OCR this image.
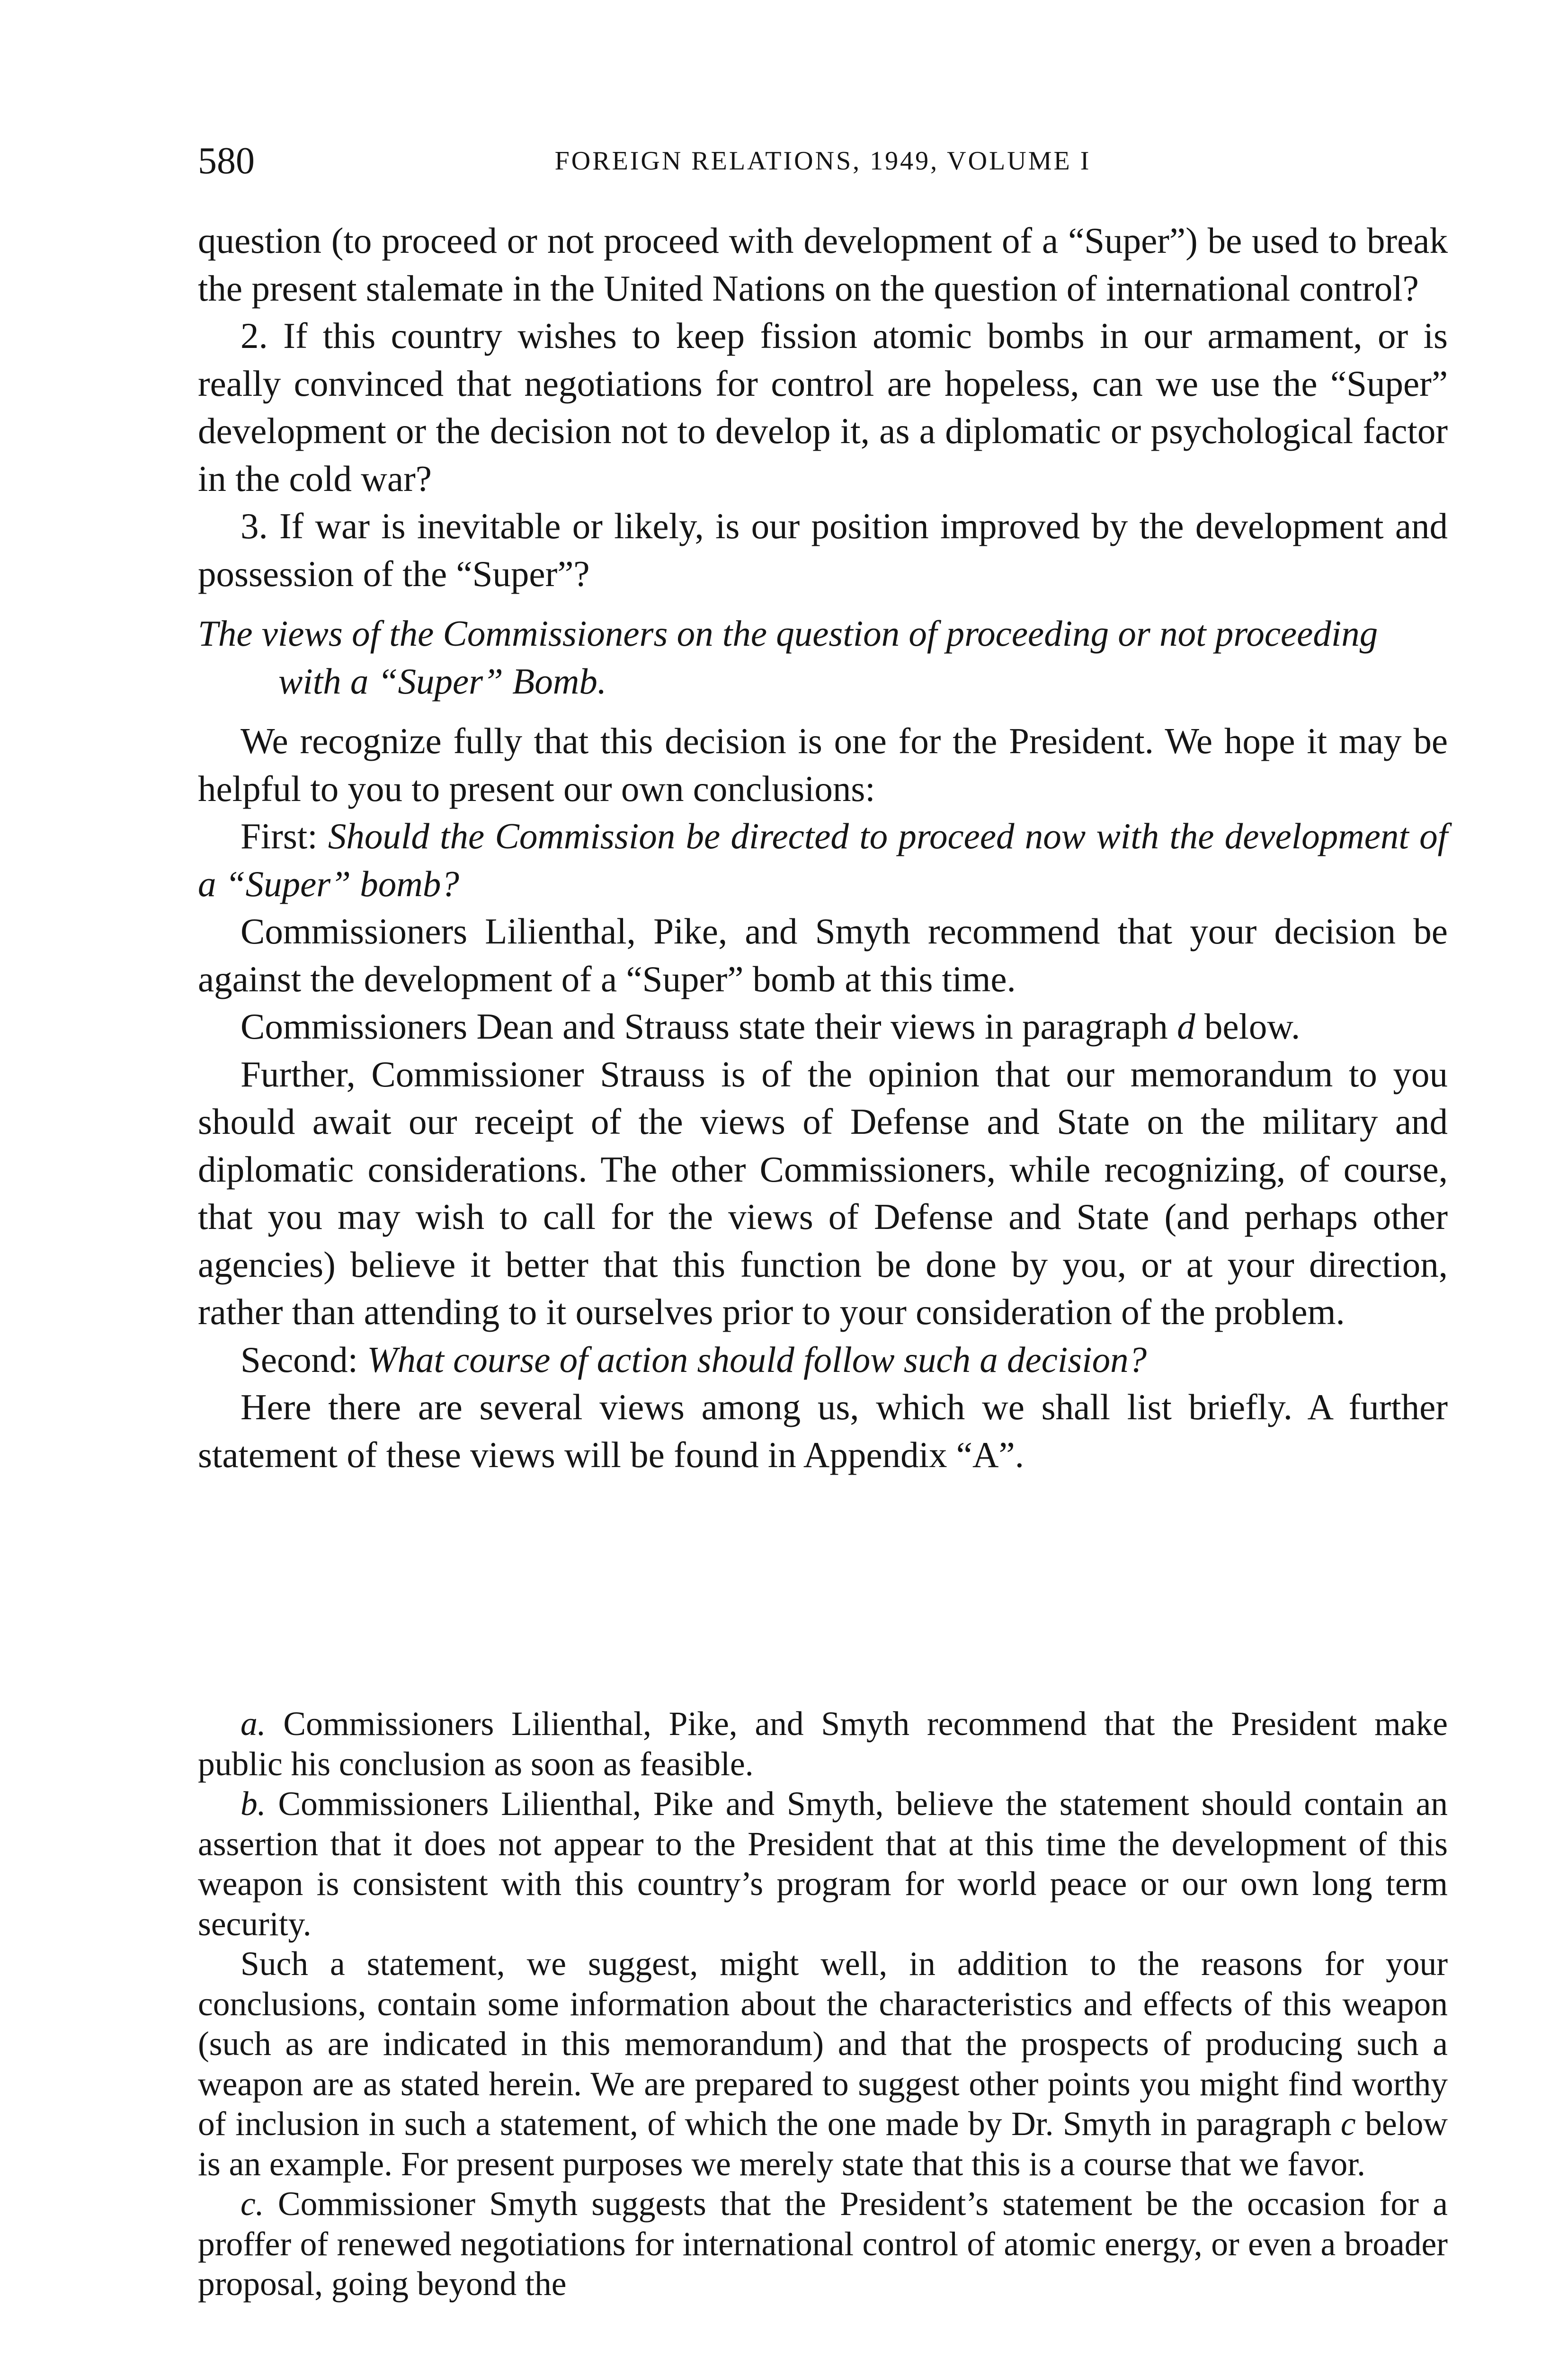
580	FOREIGN RELATIONS, 1949, VOLUME I

question (to proceed or not proceed with development of a “Super”) be used to break the present stalemate in the United Nations on the question of international control?

2. If this country wishes to keep fission atomic bombs in our armament, or is really convinced that negotiations for control are hopeless, can we use the “Super” development or the decision not to develop it, as a diplomatic or psychological factor in the cold war?

3. If war is inevitable or likely, is our position improved by the development and possession of the “Super”?

The views of the Commissioners on the question of proceeding or not proceeding with a “Super” Bomb.

We recognize fully that this decision is one for the President. We hope it may be helpful to you to present our own conclusions:

First: Should the Commission be directed to proceed now with the development of a “Super” bomb?

Commissioners Lilienthal, Pike, and Smyth recommend that your decision be against the development of a “Super” bomb at this time.

Commissioners Dean and Strauss state their views in paragraph d below.

Further, Commissioner Strauss is of the opinion that our memorandum to you should await our receipt of the views of Defense and State on the military and diplomatic considerations. The other Commissioners, while recognizing, of course, that you may wish to call for the views of Defense and State (and perhaps other agencies) believe it better that this function be done by you, or at your direction, rather than attending to it ourselves prior to your consideration of the problem.

Second: What course of action should follow such a decision?

Here there are several views among us, which we shall list briefly. A further statement of these views will be found in Appendix “A”.

a. Commissioners Lilienthal, Pike, and Smyth recommend that the President make public his conclusion as soon as feasible.

b. Commissioners Lilienthal, Pike and Smyth, believe the statement should contain an assertion that it does not appear to the President that at this time the development of this weapon is consistent with this country’s program for world peace or our own long term security.

Such a statement, we suggest, might well, in addition to the reasons for your conclusions, contain some information about the characteristics and effects of this weapon (such as are indicated in this memorandum) and that the prospects of producing such a weapon are as stated herein. We are prepared to suggest other points you might find worthy of inclusion in such a statement, of which the one made by Dr. Smyth in paragraph c below is an example. For present purposes we merely state that this is a course that we favor.

c. Commissioner Smyth suggests that the President’s statement be the occasion for a proffer of renewed negotiations for international control of atomic energy, or even a broader proposal, going beyond the
